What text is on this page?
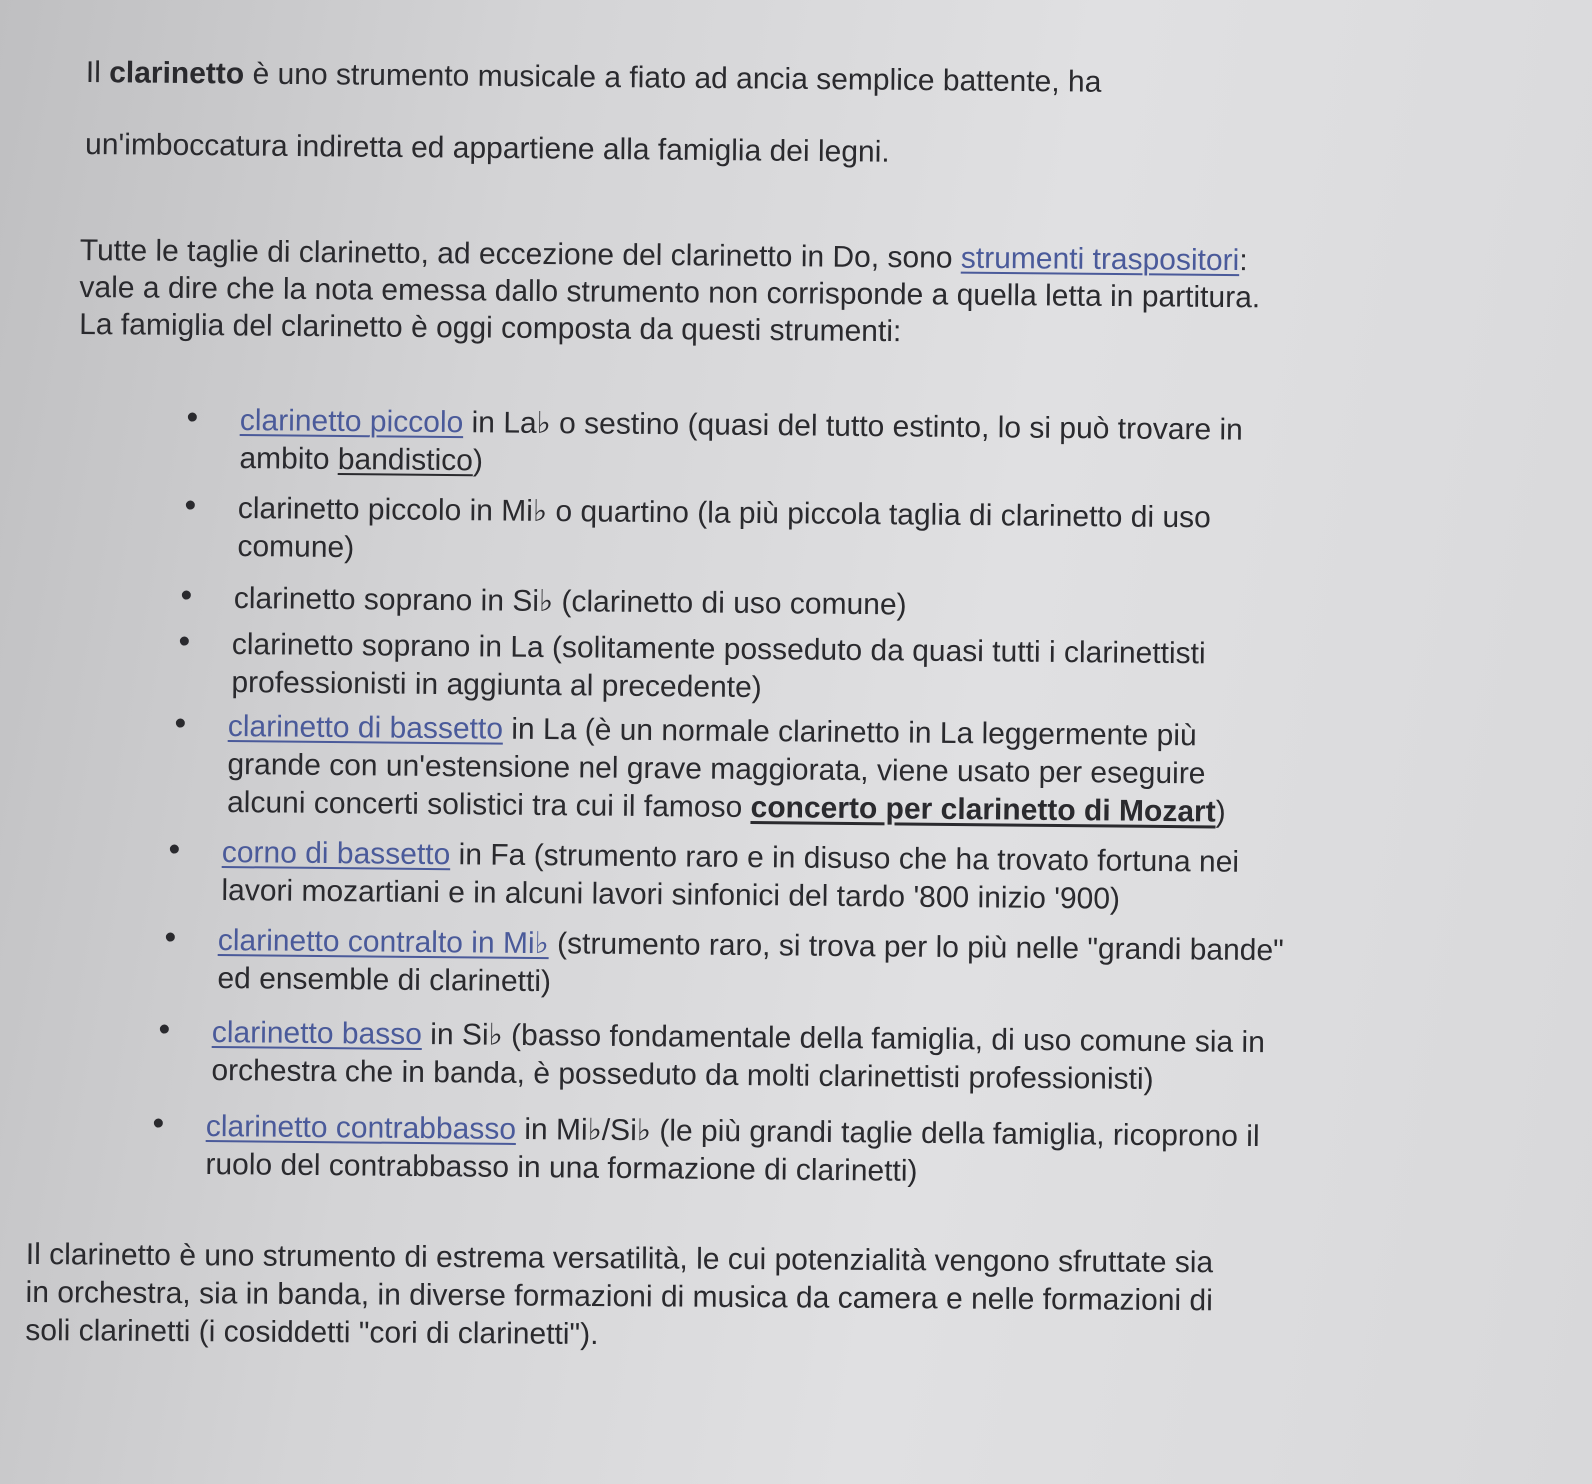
Il clarinetto è uno strumento musicale a fiato ad ancia semplice battente, ha
un'imboccatura indiretta ed appartiene alla famiglia dei legni.

Tutte le taglie di clarinetto, ad eccezione del clarinetto in Do, sono strumenti traspositori:
vale a dire che la nota emessa dallo strumento non corrisponde a quella letta in partitura.
La famiglia del clarinetto è oggi composta da questi strumenti:

clarinetto piccolo in La♭ o sestino (quasi del tutto estinto, lo si può trovare in
ambito bandistico)
clarinetto piccolo in Mi♭ o quartino (la più piccola taglia di clarinetto di uso
comune)
clarinetto soprano in Si♭ (clarinetto di uso comune)
clarinetto soprano in La (solitamente posseduto da quasi tutti i clarinettisti
professionisti in aggiunta al precedente)
clarinetto di bassetto in La (è un normale clarinetto in La leggermente più
grande con un'estensione nel grave maggiorata, viene usato per eseguire
alcuni concerti solistici tra cui il famoso concerto per clarinetto di Mozart)
corno di bassetto in Fa (strumento raro e in disuso che ha trovato fortuna nei
lavori mozartiani e in alcuni lavori sinfonici del tardo '800 inizio '900)
clarinetto contralto in Mi♭ (strumento raro, si trova per lo più nelle "grandi bande"
ed ensemble di clarinetti)
clarinetto basso in Si♭ (basso fondamentale della famiglia, di uso comune sia in
orchestra che in banda, è posseduto da molti clarinettisti professionisti)
clarinetto contrabbasso in Mi♭/Si♭ (le più grandi taglie della famiglia, ricoprono il
ruolo del contrabbasso in una formazione di clarinetti)

Il clarinetto è uno strumento di estrema versatilità, le cui potenzialità vengono sfruttate sia
in orchestra, sia in banda, in diverse formazioni di musica da camera e nelle formazioni di
soli clarinetti (i cosiddetti "cori di clarinetti").
